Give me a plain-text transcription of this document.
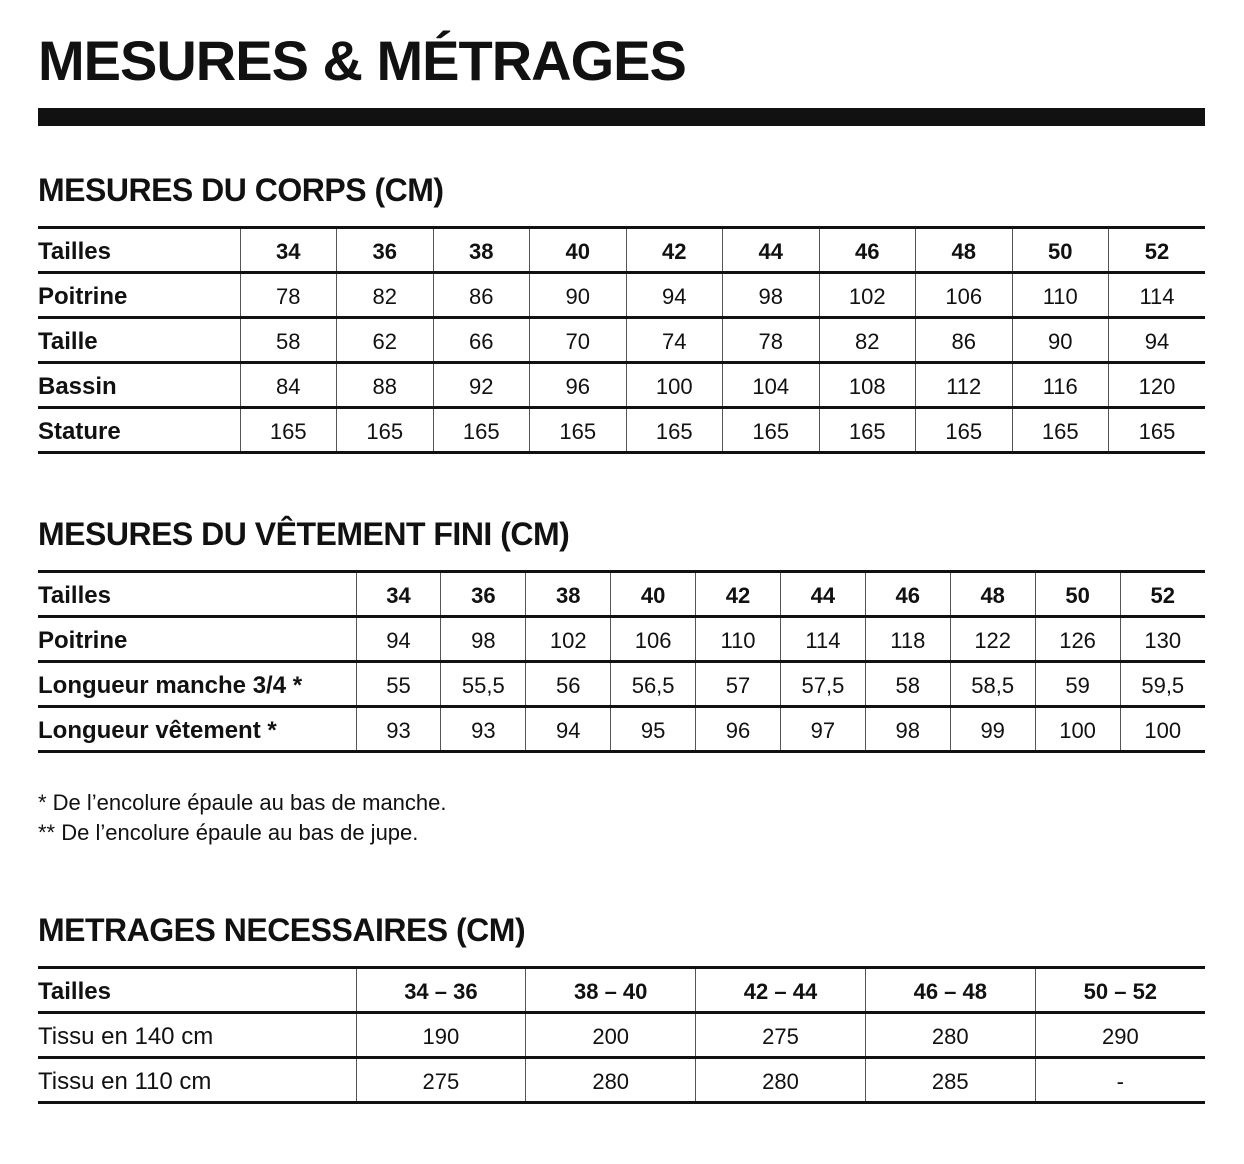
MESURES & MÉTRAGES
MESURES DU CORPS (CM)
Tailles	34	36	38	40	42	44	46	48	50	52
Poitrine	78	82	86	90	94	98	102	106	110	114
Taille	58	62	66	70	74	78	82	86	90	94
Bassin	84	88	92	96	100	104	108	112	116	120
Stature	165	165	165	165	165	165	165	165	165	165
MESURES DU VÊTEMENT FINI (CM)
Tailles	34	36	38	40	42	44	46	48	50	52
Poitrine	94	98	102	106	110	114	118	122	126	130
Longueur manche 3/4 *	55	55,5	56	56,5	57	57,5	58	58,5	59	59,5
Longueur vêtement *	93	93	94	95	96	97	98	99	100	100
* De l’encolure épaule au bas de manche.
** De l’encolure épaule au bas de jupe.
METRAGES NECESSAIRES (CM)
Tailles	34 – 36	38 – 40	42 – 44	46 – 48	50 – 52
Tissu en 140 cm	190	200	275	280	290
Tissu en 110 cm	275	280	280	285	-
